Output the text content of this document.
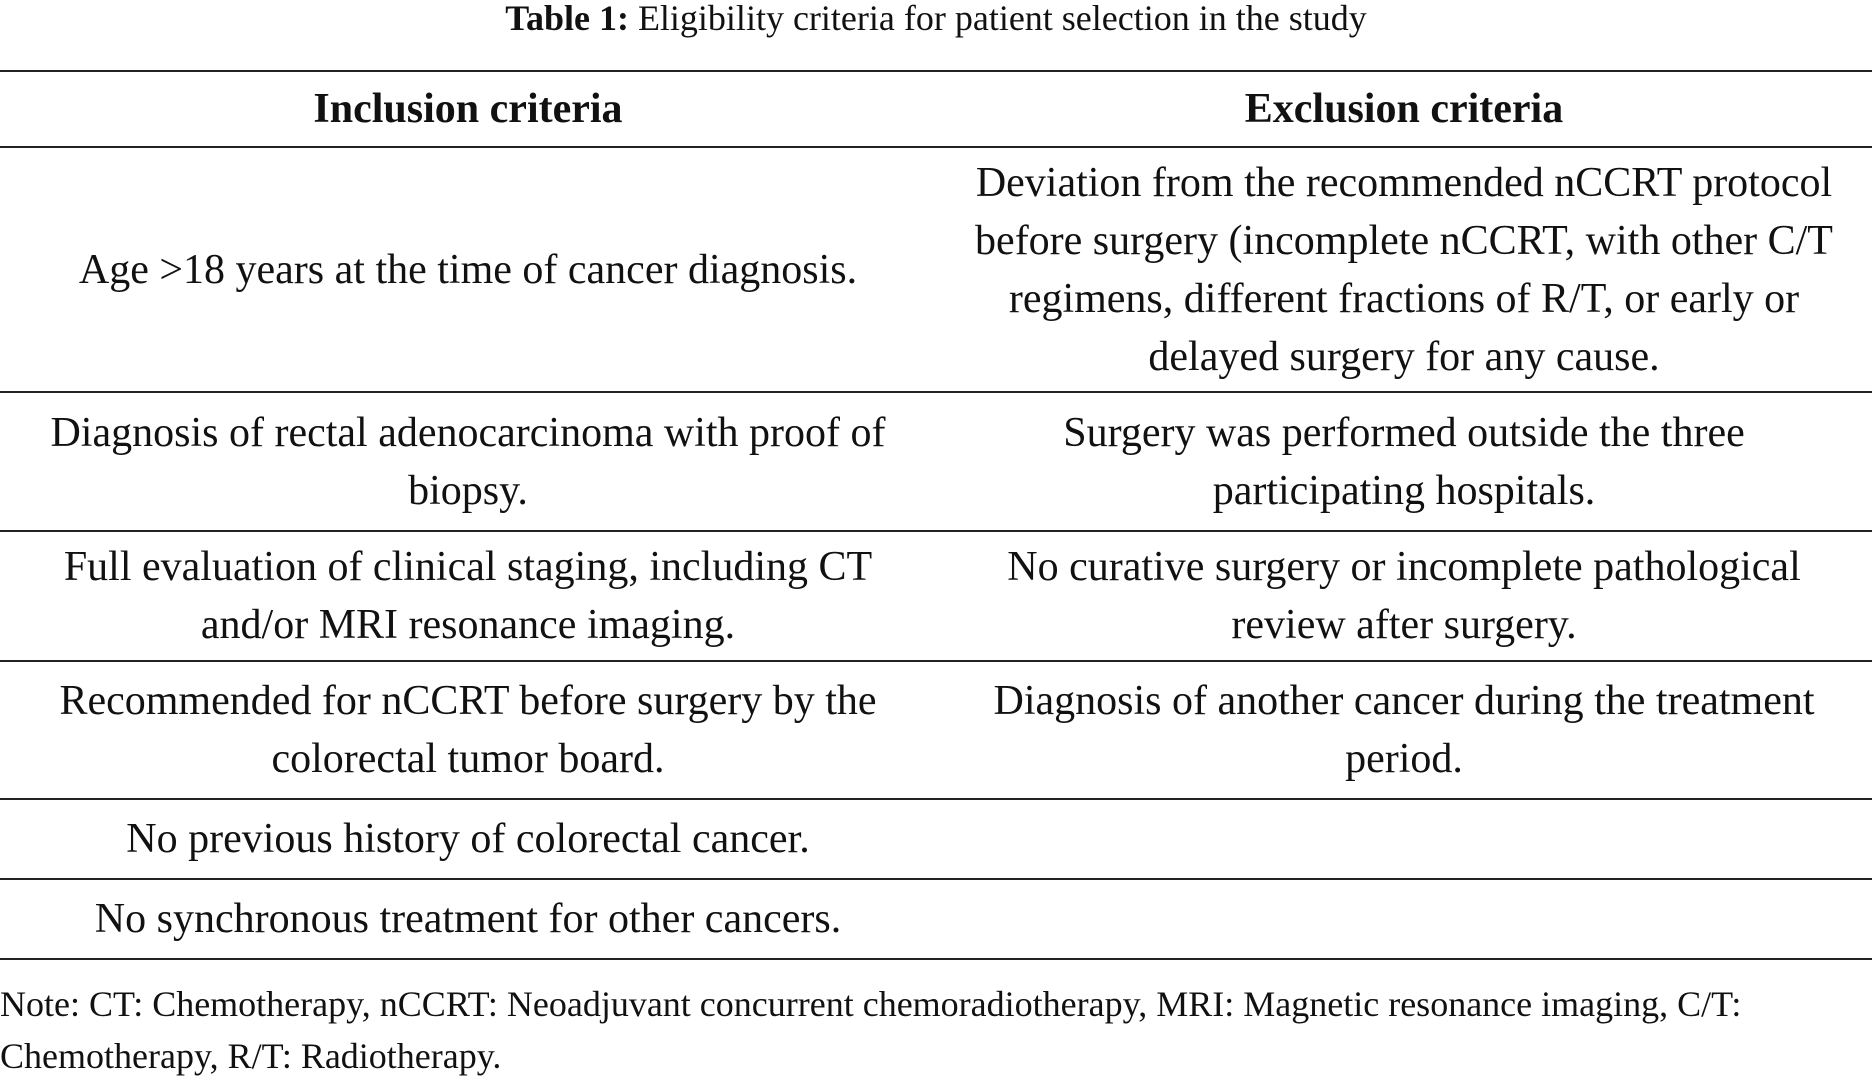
Table 1: Eligibility criteria for patient selection in the study
Inclusion criteria	Exclusion criteria
Age >18 years at the time of cancer diagnosis.	Deviation from the recommended nCCRT protocol before surgery (incomplete nCCRT, with other C/T regimens, different fractions of R/T, or early or delayed surgery for any cause.
Diagnosis of rectal adenocarcinoma with proof of biopsy.	Surgery was performed outside the three participating hospitals.
Full evaluation of clinical staging, including CT and/or MRI resonance imaging.	No curative surgery or incomplete pathological review after surgery.
Recommended for nCCRT before surgery by the colorectal tumor board.	Diagnosis of another cancer during the treatment period.
No previous history of colorectal cancer.	
No synchronous treatment for other cancers.	
Note: CT: Chemotherapy, nCCRT: Neoadjuvant concurrent chemoradiotherapy, MRI: Magnetic resonance imaging, C/T: Chemotherapy, R/T: Radiotherapy.
